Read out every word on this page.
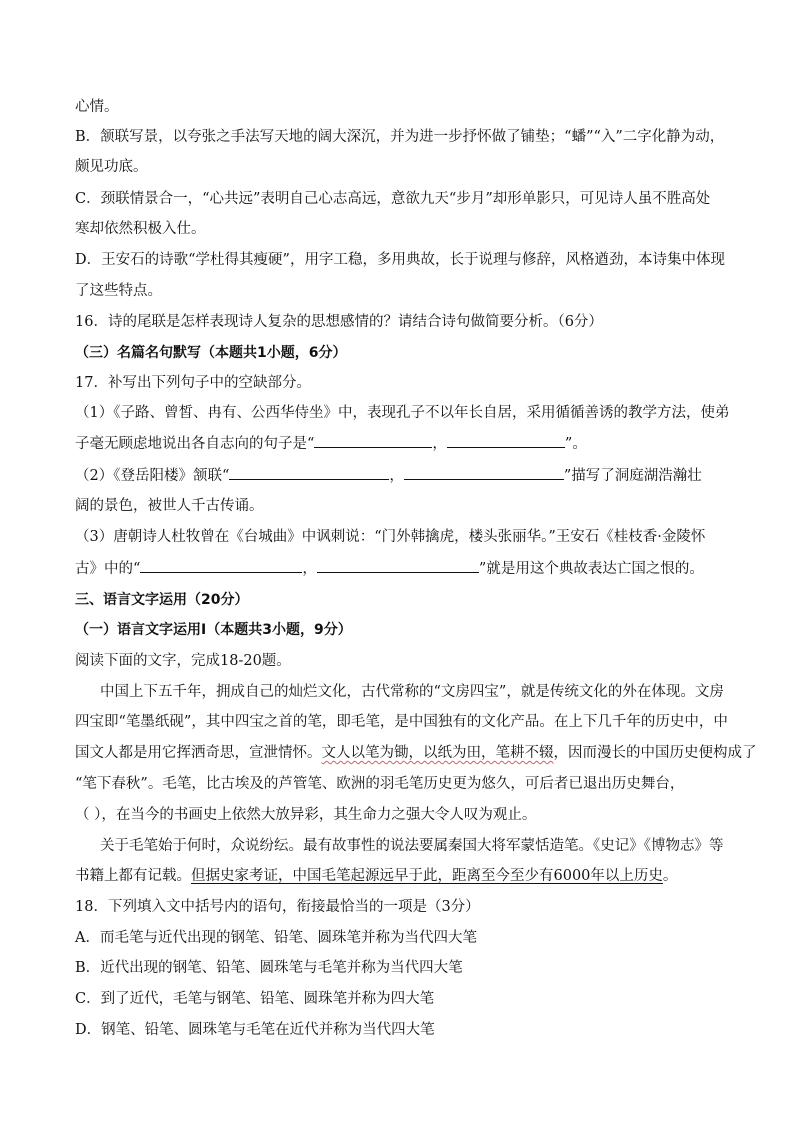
心情。
B．颔联写景，以夸张之手法写天地的阔大深沉，并为进一步抒怀做了铺垫；“蟠”“入”二字化静为动，
颇见功底。
C．颈联情景合一，“心共远”表明自己心志高远，意欲九天“步月”却形单影只，可见诗人虽不胜高处
寒却依然积极入仕。
D．王安石的诗歌“学杜得其瘦硬”，用字工稳，多用典故，长于说理与修辞，风格遒劲，本诗集中体现
了这些特点。
16．诗的尾联是怎样表现诗人复杂的思想感情的？请结合诗句做简要分析。（6分）
（三）名篇名句默写（本题共1小题，6分）
17．补写出下列句子中的空缺部分。
（1）《子路、曾皙、冉有、公西华侍坐》中，表现孔子不以年长自居，采用循循善诱的教学方法，使弟
子毫无顾虑地说出各自志向的句子是“	，	”。
（2）《登岳阳楼》颔联“	，	”描写了洞庭湖浩瀚壮
阔的景色，被世人千古传诵。
（3）唐朝诗人杜牧曾在《台城曲》中讽刺说：“门外韩擒虎，楼头张丽华。”王安石《桂枝香·金陵怀
古》中的“	，	”就是用这个典故表达亡国之恨的。
三、语言文字运用（20分）
（一）语言文字运用Ⅰ（本题共3小题，9分）
阅读下面的文字，完成18-20题。
中国上下五千年，拥成自己的灿烂文化，古代常称的“文房四宝”，就是传统文化的外在体现。文房
四宝即“笔墨纸砚”，其中四宝之首的笔，即毛笔，是中国独有的文化产品。在上下几千年的历史中，中
国文人都是用它挥洒奇思，宣泄情怀。文人以笔为锄，以纸为田，笔耕不辍，因而漫长的中国历史便构成了
“笔下春秋”。毛笔，比古埃及的芦管笔、欧洲的羽毛笔历史更为悠久，可后者已退出历史舞台，
（ ），在当今的书画史上依然大放异彩，其生命力之强大令人叹为观止。
关于毛笔始于何时，众说纷纭。最有故事性的说法要属秦国大将军蒙恬造笔。《史记》《博物志》等
书籍上都有记载。但据史家考证，中国毛笔起源远早于此，距离至今至少有6000年以上历史。
18．下列填入文中括号内的语句，衔接最恰当的一项是（3分）
A．而毛笔与近代出现的钢笔、铅笔、圆珠笔并称为当代四大笔
B．近代出现的钢笔、铅笔、圆珠笔与毛笔并称为当代四大笔
C．到了近代，毛笔与钢笔、铅笔、圆珠笔并称为四大笔
D．钢笔、铅笔、圆珠笔与毛笔在近代并称为当代四大笔
